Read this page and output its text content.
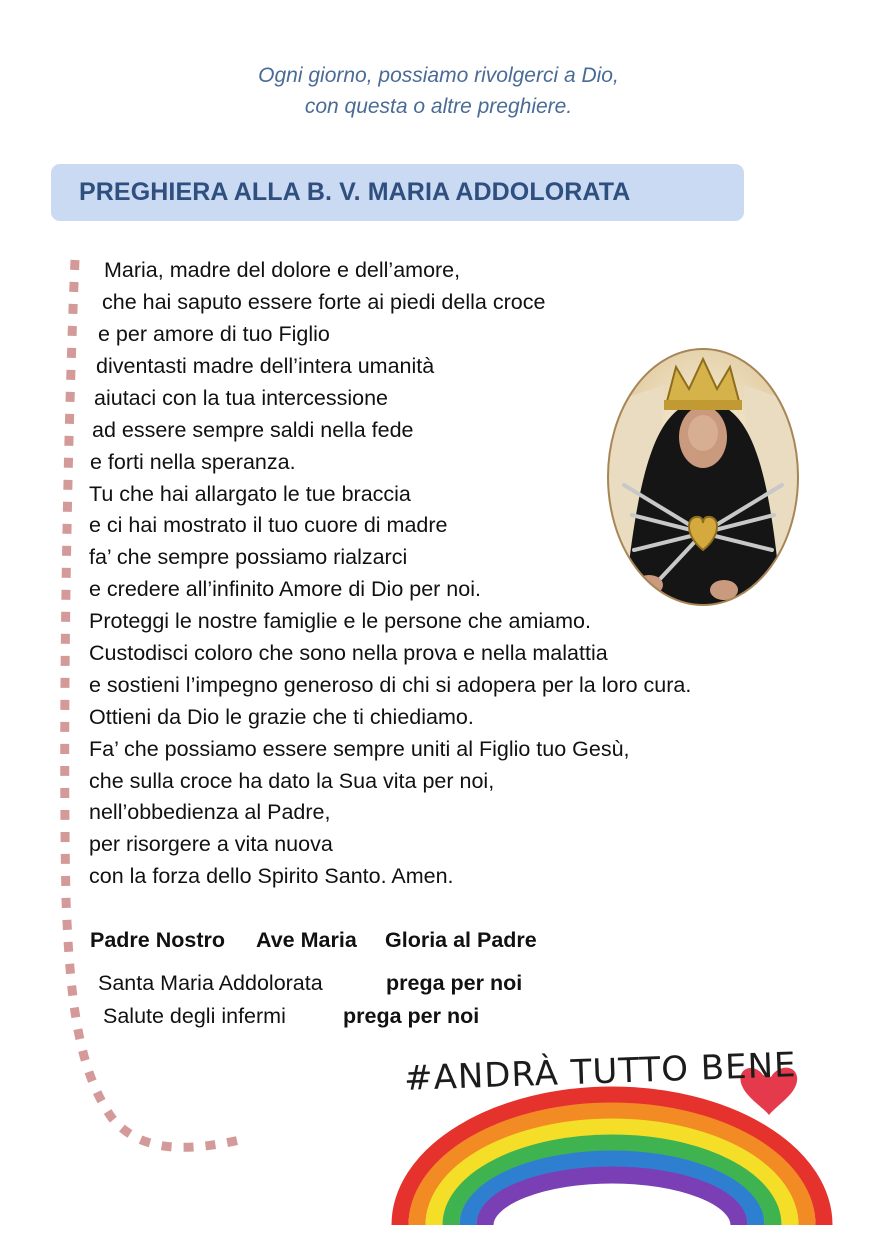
Ogni giorno, possiamo rivolgerci a Dio,
con questa o altre preghiere.
PREGHIERA ALLA B. V. MARIA ADDOLORATA
Maria, madre del dolore e dell’amore,
che hai saputo essere forte ai piedi della croce
e per amore di tuo Figlio
diventasti madre dell’intera umanità
aiutaci con la tua intercessione
ad essere sempre saldi nella fede
e forti nella speranza.
Tu che hai allargato le tue braccia
e ci hai mostrato il tuo cuore di madre
fa’ che sempre possiamo rialzarci
e credere all’infinito Amore di Dio per noi.
Proteggi le nostre famiglie e le persone che amiamo.
Custodisci coloro che sono nella prova e nella malattia
e sostieni l’impegno generoso di chi si adopera per la loro cura.
Ottieni da Dio le grazie che ti chiediamo.
Fa’ che possiamo essere sempre uniti al Figlio tuo Gesù,
che sulla croce ha dato la Sua vita per noi,
nell’obbedienza al Padre,
per risorgere a vita nuova
con la forza dello Spirito Santo. Amen.
Padre Nostro Ave Maria Gloria al Padre
Santa Maria Addolorata	prega per noi
Salute degli infermi	prega per noi
#ANDRÀ TUTTO BENE
